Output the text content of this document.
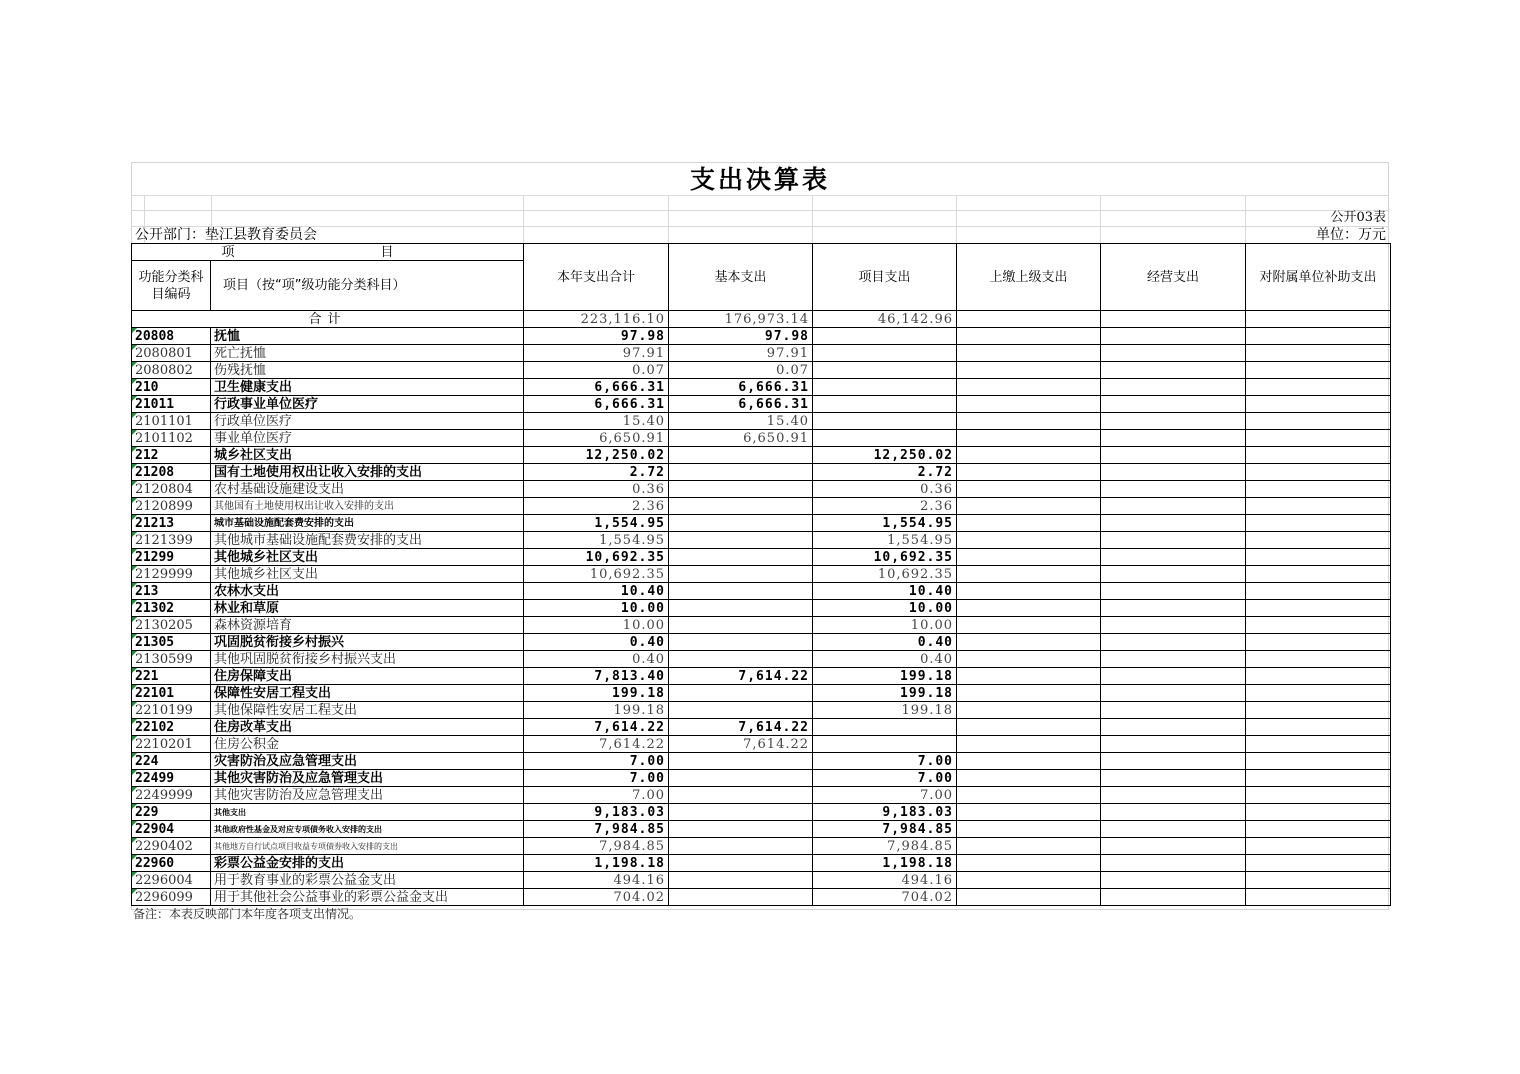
支出决算表
公开03表
公开部门：垫江县教育委员会	单位：万元
项　　目		本年支出合计	基本支出	项目支出	上缴上级支出	经营支出	对附属单位补助支出
功能分类科目编码	项目（按“项”级功能分类科目）						
合计		223,116.10	176,973.14	46,142.96			
20808	抚恤	97.98	97.98				
2080801	死亡抚恤	97.91	97.91				
2080802	伤残抚恤	0.07	0.07				
210	卫生健康支出	6,666.31	6,666.31				
21011	行政事业单位医疗	6,666.31	6,666.31				
2101101	行政单位医疗	15.40	15.40				
2101102	事业单位医疗	6,650.91	6,650.91				
212	城乡社区支出	12,250.02		12,250.02			
21208	国有土地使用权出让收入安排的支出	2.72		2.72			
2120804	农村基础设施建设支出	0.36		0.36			
2120899	其他国有土地使用权出让收入安排的支出	2.36		2.36			
21213	城市基础设施配套费安排的支出	1,554.95		1,554.95			
2121399	其他城市基础设施配套费安排的支出	1,554.95		1,554.95			
21299	其他城乡社区支出	10,692.35		10,692.35			
2129999	其他城乡社区支出	10,692.35		10,692.35			
213	农林水支出	10.40		10.40			
21302	林业和草原	10.00		10.00			
2130205	森林资源培育	10.00		10.00			
21305	巩固脱贫衔接乡村振兴	0.40		0.40			
2130599	其他巩固脱贫衔接乡村振兴支出	0.40		0.40			
221	住房保障支出	7,813.40	7,614.22	199.18			
22101	保障性安居工程支出	199.18		199.18			
2210199	其他保障性安居工程支出	199.18		199.18			
22102	住房改革支出	7,614.22	7,614.22				
2210201	住房公积金	7,614.22	7,614.22				
224	灾害防治及应急管理支出	7.00		7.00			
22499	其他灾害防治及应急管理支出	7.00		7.00			
2249999	其他灾害防治及应急管理支出	7.00		7.00			
229	其他支出	9,183.03		9,183.03			
22904	其他政府性基金及对应专项债务收入安排的支出	7,984.85		7,984.85			
2290402	其他地方自行试点项目收益专项债券收入安排的支出	7,984.85		7,984.85			
22960	彩票公益金安排的支出	1,198.18		1,198.18			
2296004	用于教育事业的彩票公益金支出	494.16		494.16			
2296099	用于其他社会公益事业的彩票公益金支出	704.02		704.02			
备注：本表反映部门本年度各项支出情况。
